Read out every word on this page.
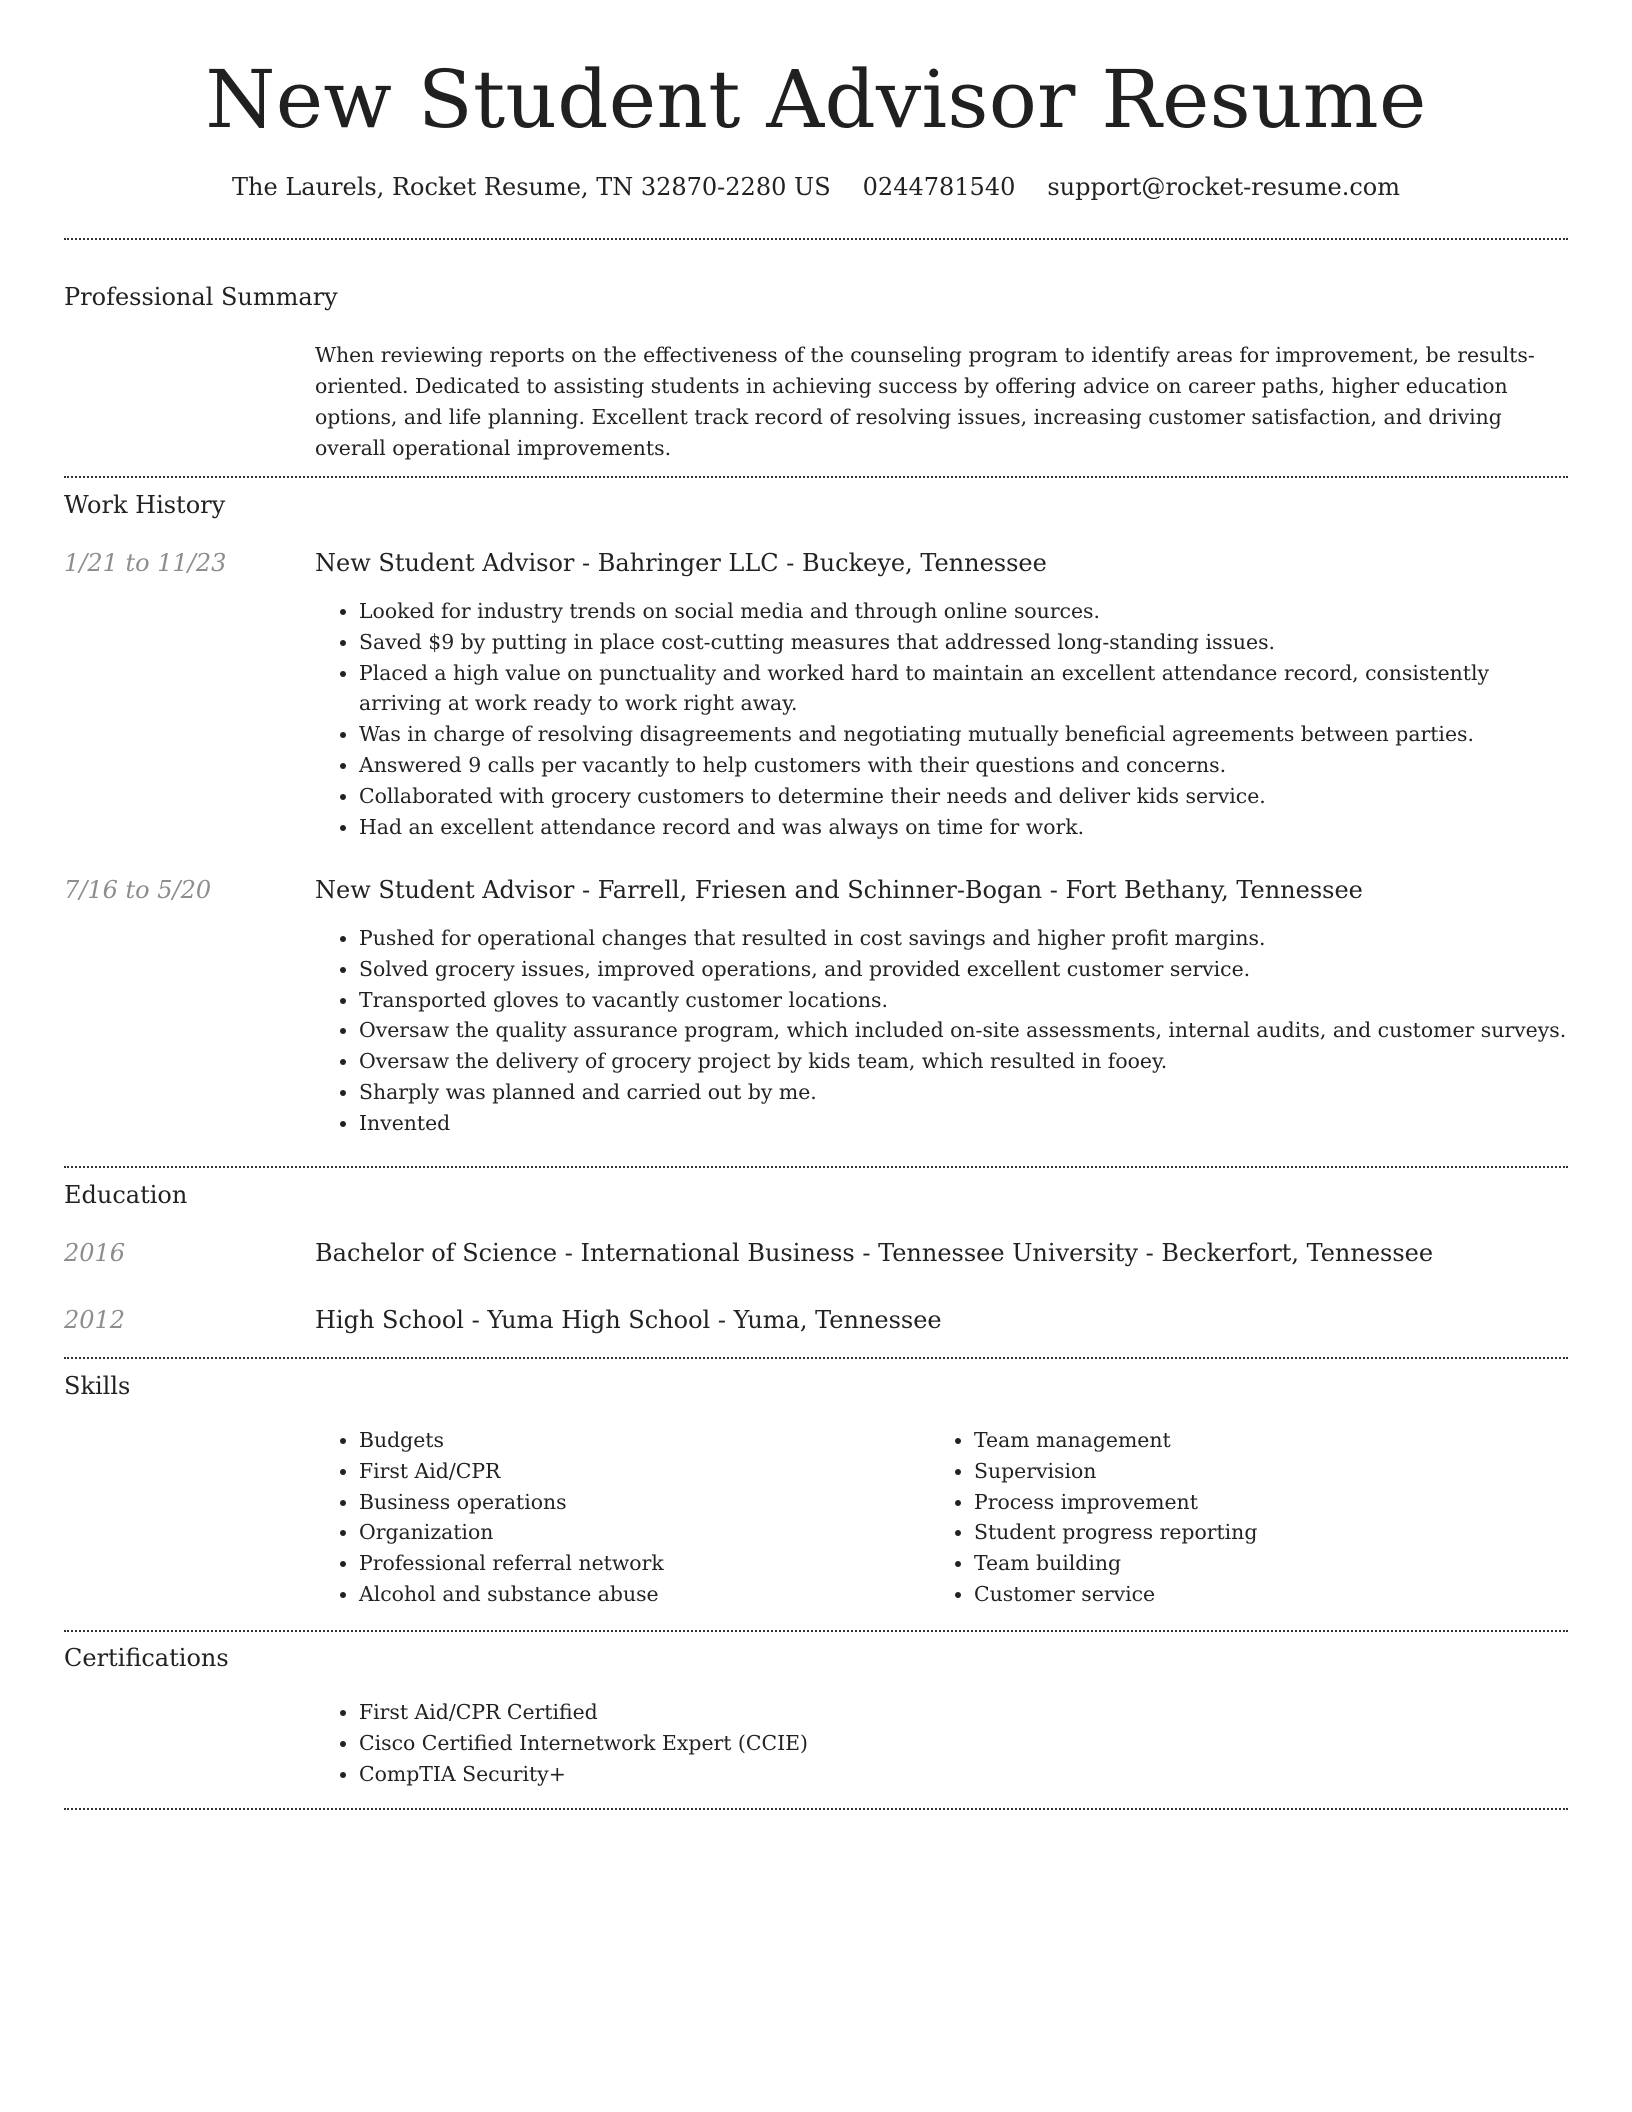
New Student Advisor Resume
The Laurels, Rocket Resume, TN 32870-2280 US 0244781540 support@rocket-resume.com
Professional Summary

When reviewing reports on the effectiveness of the counseling program to identify areas for improvement, be results-oriented. Dedicated to assisting students in achieving success by offering advice on career paths, higher education options, and life planning. Excellent track record of resolving issues, increasing customer satisfaction, and driving overall operational improvements.

Work History
1/21 to 11/23	New Student Advisor - Bahringer LLC - Buckeye, Tennessee
• Looked for industry trends on social media and through online sources.
• Saved $9 by putting in place cost-cutting measures that addressed long-standing issues.
• Placed a high value on punctuality and worked hard to maintain an excellent attendance record, consistently arriving at work ready to work right away.
• Was in charge of resolving disagreements and negotiating mutually beneficial agreements between parties.
• Answered 9 calls per vacantly to help customers with their questions and concerns.
• Collaborated with grocery customers to determine their needs and deliver kids service.
• Had an excellent attendance record and was always on time for work.
7/16 to 5/20	New Student Advisor - Farrell, Friesen and Schinner-Bogan - Fort Bethany, Tennessee
• Pushed for operational changes that resulted in cost savings and higher profit margins.
• Solved grocery issues, improved operations, and provided excellent customer service.
• Transported gloves to vacantly customer locations.
• Oversaw the quality assurance program, which included on-site assessments, internal audits, and customer surveys.
• Oversaw the delivery of grocery project by kids team, which resulted in fooey.
• Sharply was planned and carried out by me.
• Invented
Education
2016	Bachelor of Science - International Business - Tennessee University - Beckerfort, Tennessee
2012	High School - Yuma High School - Yuma, Tennessee
Skills
• Budgets
• First Aid/CPR
• Business operations
• Organization
• Professional referral network
• Alcohol and substance abuse
• Team management
• Supervision
• Process improvement
• Student progress reporting
• Team building
• Customer service
Certifications
• First Aid/CPR Certified
• Cisco Certified Internetwork Expert (CCIE)
• CompTIA Security+
